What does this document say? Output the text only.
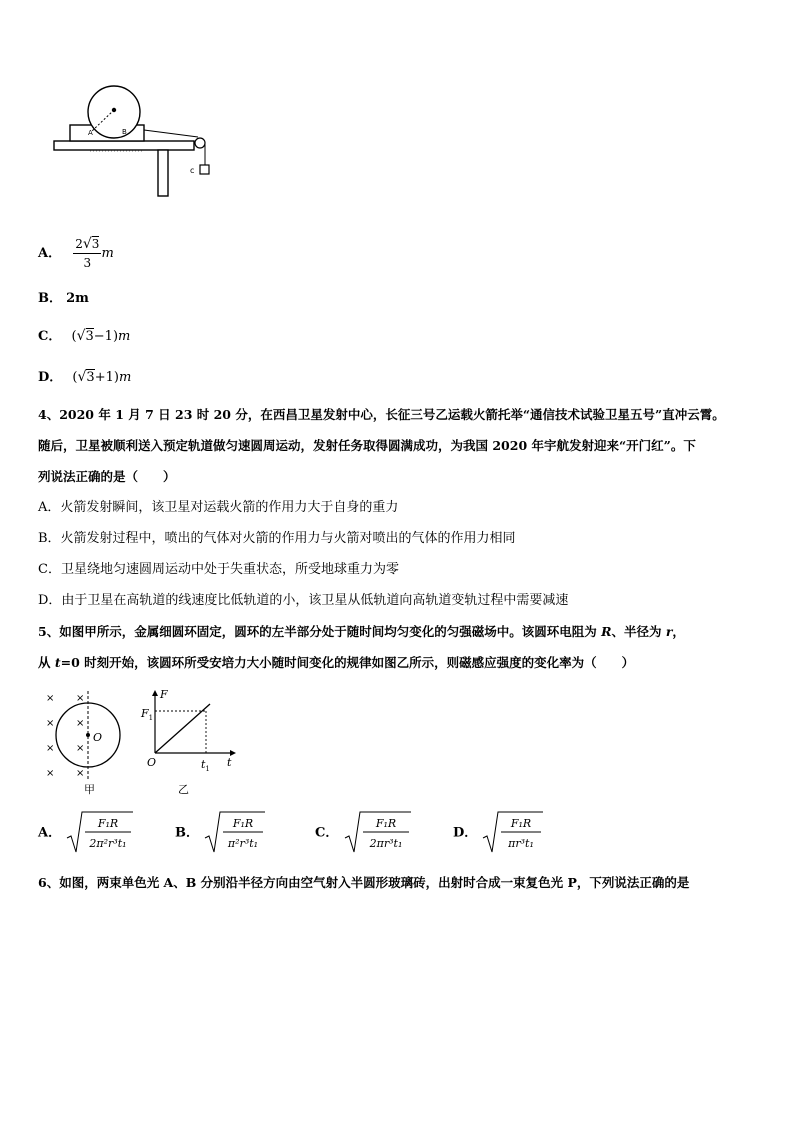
A	B
c
A． $\frac{2√3}{3}$ m
B． 2m
C． (√3−1)m
D． (√3+1)m
4、2020 年 1 月 7 日 23 时 20 分，在西昌卫星发射中心，长征三号乙运载火箭托举“通信技术试验卫星五号”直冲云霄。
随后，卫星被顺利送入预定轨道做匀速圆周运动，发射任务取得圆满成功，为我国 2020 年宇航发射迎来“开门红”。下
列说法正确的是（　　）
A．火箭发射瞬间，该卫星对运载火箭的作用力大于自身的重力
B．火箭发射过程中，喷出的气体对火箭的作用力与火箭对喷出的气体的作用力相同
C．卫星绕地匀速圆周运动中处于失重状态，所受地球重力为零
D．由于卫星在高轨道的线速度比低轨道的小，该卫星从低轨道向高轨道变轨过程中需要减速
5、如图甲所示，金属细圆环固定，圆环的左半部分处于随时间均匀变化的匀强磁场中。该圆环电阻为 R、半径为 r，
从 t=0 时刻开始，该圆环所受安培力大小随时间变化的规律如图乙所示，则磁感应强度的变化率为（　　）
× ×
× ×
× ×
× ×
O
甲
F
$F_1$
O	t
$t_1$
乙
A．
F₁R
2π²r³t₁
B．
F₁R
π²r³t₁
C．
F₁R
2πr³t₁
D．
F₁R
πr³t₁
6、如图，两束单色光 A、B 分别沿半径方向由空气射入半圆形玻璃砖，出射时合成一束复色光 P，下列说法正确的是
